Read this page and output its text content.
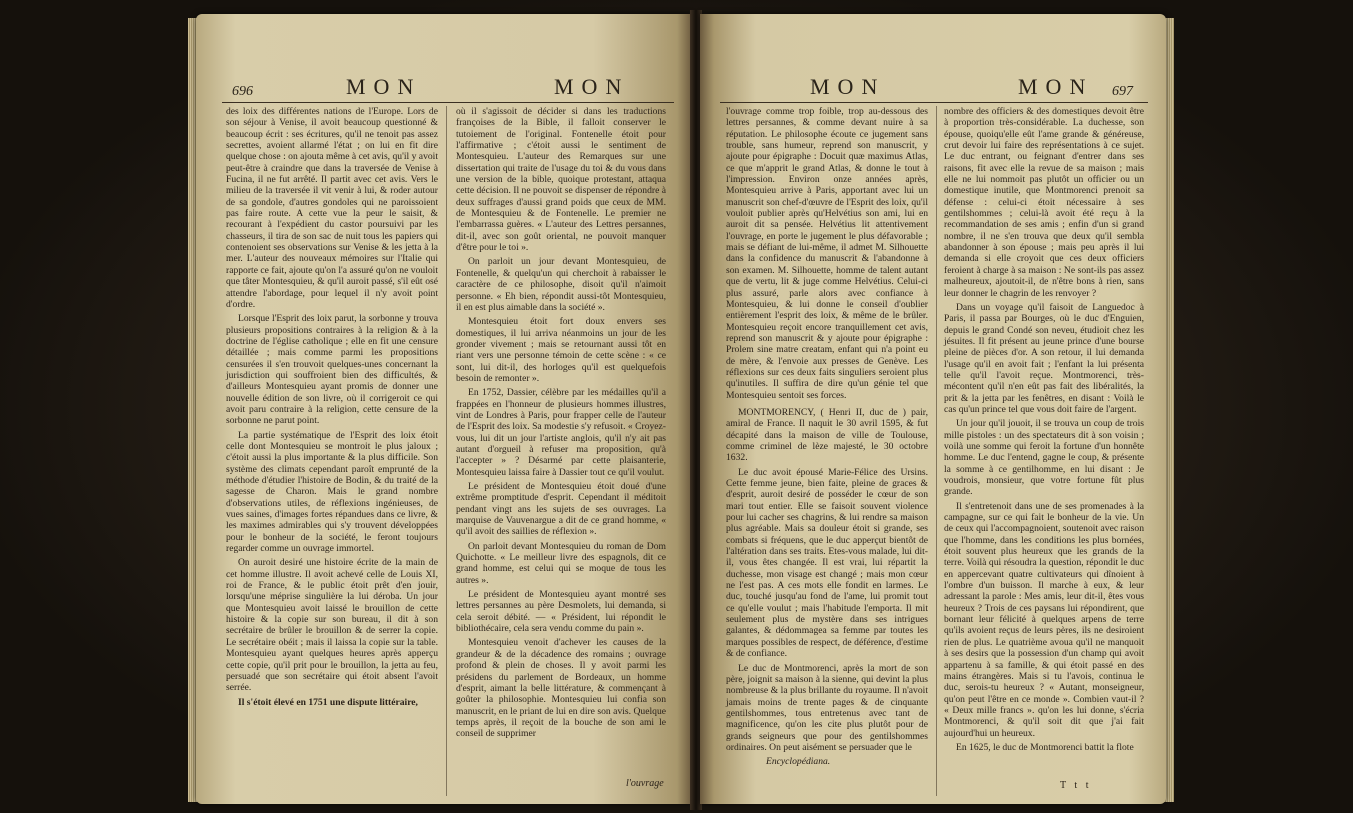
696	MON	MON

des loix des différentes nations de l'Europe. Lors de son séjour à Venise, il avoit beaucoup questionné & beaucoup écrit : ses écritures, qu'il ne tenoit pas assez secrettes, avoient allarmé l'état ; on lui en fit dire quelque chose : on ajouta même à cet avis, qu'il y avoit peut-être à craindre que dans la traversée de Venise à Fucina, il ne fut arrêté. Il partit avec cet avis. Vers le milieu de la traversée il vit venir à lui, & roder autour de sa gondole, d'autres gondoles qui ne paroissoient pas faire route. A cette vue la peur le saisit, & recourant à l'expédient du castor poursuivi par les chasseurs, il tira de son sac de nuit tous les papiers qui contenoient ses observations sur Venise & les jetta à la mer. L'auteur des nouveaux mémoires sur l'Italie qui rapporte ce fait, ajoute qu'on l'a assuré qu'on ne vouloit que tâter Montesquieu, & qu'il auroit passé, s'il eût osé attendre l'abordage, pour lequel il n'y avoit point d'ordre.

Lorsque l'Esprit des loix parut, la sorbonne y trouva plusieurs propositions contraires à la religion & à la doctrine de l'église catholique ; elle en fit une censure détaillée ; mais comme parmi les propositions censurées il s'en trouvoit quelques-unes concernant la jurisdiction qui souffroient bien des difficultés, & d'ailleurs Montesquieu ayant promis de donner une nouvelle édition de son livre, où il corrigeroit ce qui avoit paru contraire à la religion, cette censure de la sorbonne ne parut point.

La partie systématique de l'Esprit des loix étoit celle dont Montesquieu se montroit le plus jaloux ; c'étoit aussi la plus importante & la plus difficile. Son système des climats cependant paroît emprunté de la méthode d'étudier l'histoire de Bodin, & du traité de la sagesse de Charon. Mais le grand nombre d'observations utiles, de réflexions ingénieuses, de vues saines, d'images fortes répandues dans ce livre, & les maximes admirables qui s'y trouvent développées pour le bonheur de la société, le feront toujours regarder comme un ouvrage immortel.

On auroit desiré une histoire écrite de la main de cet homme illustre. Il avoit achevé celle de Louis XI, roi de France, & le public étoit prêt d'en jouir, lorsqu'une méprise singulière la lui déroba. Un jour que Montesquieu avoit laissé le brouillon de cette histoire & la copie sur son bureau, il dit à son secrétaire de brûler le brouillon & de serrer la copie. Le secrétaire obéit ; mais il laissa la copie sur la table. Montesquieu ayant quelques heures après apperçu cette copie, qu'il prit pour le brouillon, la jetta au feu, persuadé que son secrétaire qui étoit absent l'avoit serrée.

Il s'étoit élevé en 1751 une dispute littéraire,

où il s'agissoit de décider si dans les traductions françoises de la Bible, il falloit conserver le tutoiement de l'original. Fontenelle étoit pour l'affirmative ; c'étoit aussi le sentiment de Montesquieu. L'auteur des Remarques sur une dissertation qui traite de l'usage du toi & du vous dans une version de la bible, quoique protestant, attaqua cette décision. Il ne pouvoit se dispenser de répondre à deux suffrages d'aussi grand poids que ceux de MM. de Montesquieu & de Fontenelle. Le premier ne l'embarrassa guères. « L'auteur des Lettres persannes, dit-il, avec son goût oriental, ne pouvoit manquer d'être pour le toi ».

On parloit un jour devant Montesquieu, de Fontenelle, & quelqu'un qui cherchoit à rabaisser le caractère de ce philosophe, disoit qu'il n'aimoit personne. « Eh bien, répondit aussi-tôt Montesquieu, il en est plus aimable dans la société ».

Montesquieu étoit fort doux envers ses domestiques, il lui arriva néanmoins un jour de les gronder vivement ; mais se retournant aussi tôt en riant vers une personne témoin de cette scène : « ce sont, lui dit-il, des horloges qu'il est quelquefois besoin de remonter ».

En 1752, Dassier, célèbre par les médailles qu'il a frappées en l'honneur de plusieurs hommes illustres, vint de Londres à Paris, pour frapper celle de l'auteur de l'Esprit des loix. Sa modestie s'y refusoit. « Croyez-vous, lui dit un jour l'artiste anglois, qu'il n'y ait pas autant d'orgueil à refuser ma proposition, qu'à l'accepter » ? Désarmé par cette plaisanterie, Montesquieu laissa faire à Dassier tout ce qu'il voulut.

Le président de Montesquieu étoit doué d'une extrême promptitude d'esprit. Cependant il méditoit pendant vingt ans les sujets de ses ouvrages. La marquise de Vauvenargue a dit de ce grand homme, « qu'il avoit des saillies de réflexion ».

On parloit devant Montesquieu du roman de Dom Quichotte. « Le meilleur livre des espagnols, dit ce grand homme, est celui qui se moque de tous les autres ».

Le président de Montesquieu ayant montré ses lettres persannes au père Desmolets, lui demanda, si cela seroit débité. — « Président, lui répondit le bibliothécaire, cela sera vendu comme du pain ».

Montesquieu venoit d'achever les causes de la grandeur & de la décadence des romains ; ouvrage profond & plein de choses. Il y avoit parmi les présidens du parlement de Bordeaux, un homme d'esprit, aimant la belle littérature, & commençant à goûter la philosophie. Montesquieu lui confia son manuscrit, en le priant de lui en dire son avis. Quelque temps après, il reçoit de la bouche de son ami le conseil de supprimer

l'ouvrage
MON	MON 697

l'ouvrage comme trop foible, trop au-dessous des lettres persannes, & comme devant nuire à sa réputation. Le philosophe écoute ce jugement sans trouble, sans humeur, reprend son manuscrit, y ajoute pour épigraphe : Docuit quæ maximus Atlas, ce que m'apprit le grand Atlas, & donne le tout à l'impression. Environ onze années après, Montesquieu arrive à Paris, apportant avec lui un manuscrit son chef-d'œuvre de l'Esprit des loix, qu'il vouloit publier après qu'Helvétius son ami, lui en auroit dit sa pensée. Helvétius lit attentivement l'ouvrage, en porte le jugement le plus défavorable ; mais se défiant de lui-même, il admet M. Silhouette dans la confidence du manuscrit & l'abandonne à son examen. M. Silhouette, homme de talent autant que de vertu, lit & juge comme Helvétius. Celui-ci plus assuré, parle alors avec confiance à Montesquieu, & lui donne le conseil d'oublier entièrement l'esprit des loix, & même de le brûler. Montesquieu reçoit encore tranquillement cet avis, reprend son manuscrit & y ajoute pour épigraphe : Prolem sine matre creatam, enfant qui n'a point eu de mère, & l'envoie aux presses de Genève. Les réflexions sur ces deux faits singuliers seroient plus qu'inutiles. Il suffira de dire qu'un génie tel que Montesquieu sentoit ses forces.

MONTMORENCY, ( Henri II, duc de ) pair, amiral de France. Il naquit le 30 avril 1595, & fut décapité dans la maison de ville de Toulouse, comme criminel de lèze majesté, le 30 octobre 1632.

Le duc avoit épousé Marie-Félice des Ursins. Cette femme jeune, bien faite, pleine de graces & d'esprit, auroit desiré de posséder le cœur de son mari tout entier. Elle se faisoit souvent violence pour lui cacher ses chagrins, & lui rendre sa maison plus agréable. Mais sa douleur étoit si grande, ses combats si fréquens, que le duc apperçut bientôt de l'altération dans ses traits. Etes-vous malade, lui dit-il, vous êtes changée. Il est vrai, lui répartit la duchesse, mon visage est changé ; mais mon cœur ne l'est pas. A ces mots elle fondit en larmes. Le duc, touché jusqu'au fond de l'ame, lui promit tout ce qu'elle voulut ; mais l'habitude l'emporta. Il mit seulement plus de mystère dans ses intrigues galantes, & dédommagea sa femme par toutes les marques possibles de respect, de déférence, d'estime & de confiance.

Le duc de Montmorenci, après la mort de son père, joignit sa maison à la sienne, qui devint la plus nombreuse & la plus brillante du royaume. Il n'avoit jamais moins de trente pages & de cinquante gentilshommes, tous entretenus avec tant de magnificence, qu'on les cite plus plutôt pour de grands seigneurs que pour des gentilshommes ordinaires. On peut aisément se persuader que le

Encyclopédiana.

nombre des officiers & des domestiques devoit être à proportion très-considérable. La duchesse, son épouse, quoiqu'elle eût l'ame grande & généreuse, crut devoir lui faire des représentations à ce sujet. Le duc entrant, ou feignant d'entrer dans ses raisons, fit avec elle la revue de sa maison ; mais elle ne lui nommoit pas plutôt un officier ou un domestique inutile, que Montmorenci prenoit sa défense : celui-ci étoit nécessaire à ses gentilshommes ; celui-là avoit été reçu à la recommandation de ses amis ; enfin d'un si grand nombre, il ne s'en trouva que deux qu'il sembla abandonner à son épouse ; mais peu après il lui demanda si elle croyoit que ces deux officiers feroient à charge à sa maison : Ne sont-ils pas assez malheureux, ajoutoit-il, de n'être bons à rien, sans leur donner le chagrin de les renvoyer ?

Dans un voyage qu'il faisoit de Languedoc à Paris, il passa par Bourges, où le duc d'Enguien, depuis le grand Condé son neveu, étudioit chez les jésuites. Il fit présent au jeune prince d'une bourse pleine de pièces d'or. A son retour, il lui demanda l'usage qu'il en avoit fait ; l'enfant la lui présenta telle qu'il l'avoit reçue. Montmorenci, très-mécontent qu'il n'en eût pas fait des libéralités, la prit & la jetta par les fenêtres, en disant : Voilà le cas qu'un prince tel que vous doit faire de l'argent.

Un jour qu'il jouoit, il se trouva un coup de trois mille pistoles : un des spectateurs dit à son voisin ; voilà une somme qui feroit la fortune d'un honnête homme. Le duc l'entend, gagne le coup, & présente la somme à ce gentilhomme, en lui disant : Je voudrois, monsieur, que votre fortune fût plus grande.

Il s'entretenoit dans une de ses promenades à la campagne, sur ce qui fait le bonheur de la vie. Un de ceux qui l'accompagnoient, soutenoit avec raison que l'homme, dans les conditions les plus bornées, étoit souvent plus heureux que les grands de la terre. Voilà qui résoudra la question, répondit le duc en appercevant quatre cultivateurs qui dînoient à l'ombre d'un buisson. Il marche à eux, & leur adressant la parole : Mes amis, leur dit-il, êtes vous heureux ? Trois de ces paysans lui répondirent, que bornant leur félicité à quelques arpens de terre qu'ils avoient reçus de leurs pères, ils ne desiroient rien de plus. Le quatrième avoua qu'il ne manquoit à ses desirs que la possession d'un champ qui avoit appartenu à sa famille, & qui étoit passé en des mains étrangères. Mais si tu l'avois, continua le duc, serois-tu heureux ? « Autant, monseigneur, qu'on peut l'être en ce monde ». Combien vaut-il ? « Deux mille francs ». qu'on les lui donne, s'écria Montmorenci, & qu'il soit dit que j'ai fait aujourd'hui un heureux.

En 1625, le duc de Montmorenci battit la flote

T t t
